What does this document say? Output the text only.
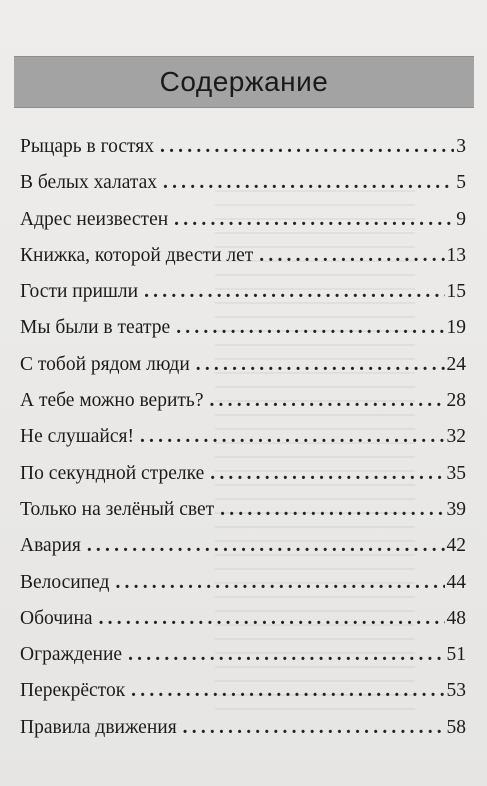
Содержание
Рыцарь в гостях .....	3
В белых халатах .....	5
Адрес неизвестен .....	9
Книжка, которой двести лет .....	13
Гости пришли .....	15
Мы были в театре .....	19
С тобой рядом люди .....	24
А тебе можно верить? .....	28
Не слушайся! .....	32
По секундной стрелке .....	35
Только на зелёный свет .....	39
Авария .....	42
Велосипед .....	44
Обочина .....	48
Ограждение .....	51
Перекрёсток .....	53
Правила движения .....	58
